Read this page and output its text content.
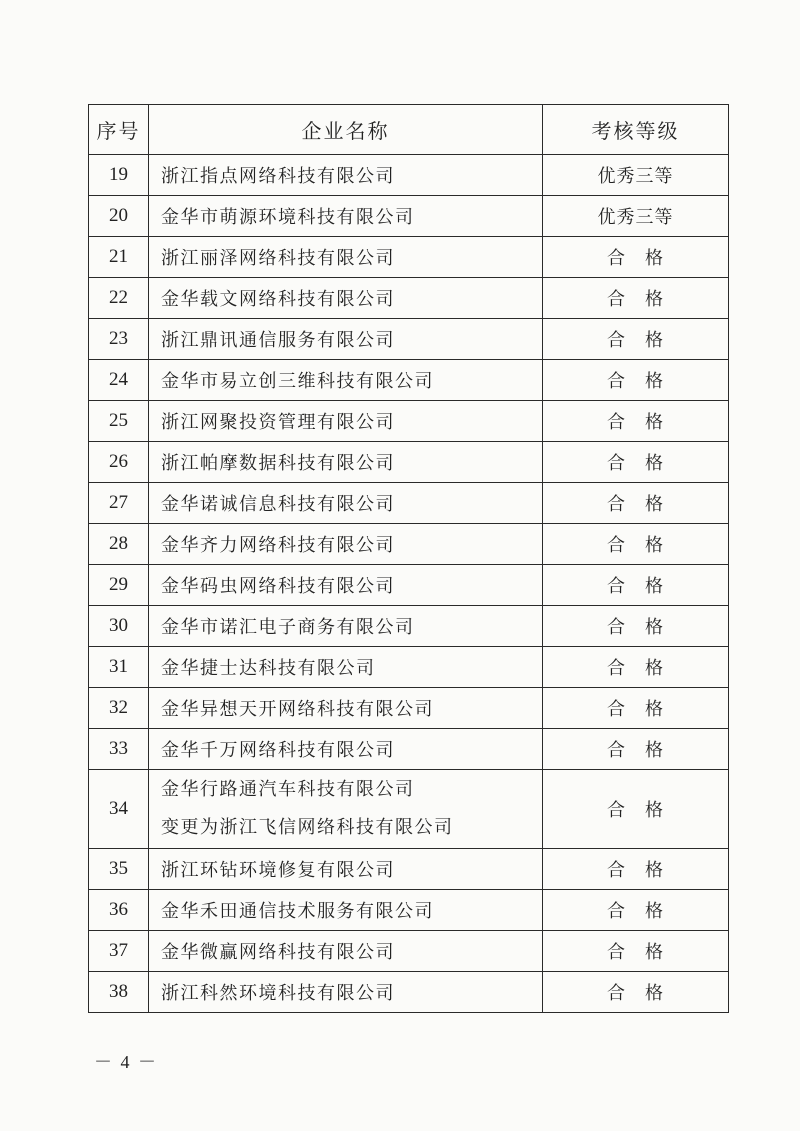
序号	企业名称	考核等级
19	浙江指点网络科技有限公司	优秀三等
20	金华市萌源环境科技有限公司	优秀三等
21	浙江丽泽网络科技有限公司	合　格
22	金华载文网络科技有限公司	合　格
23	浙江鼎讯通信服务有限公司	合　格
24	金华市易立创三维科技有限公司	合　格
25	浙江网聚投资管理有限公司	合　格
26	浙江帕摩数据科技有限公司	合　格
27	金华诺诚信息科技有限公司	合　格
28	金华齐力网络科技有限公司	合　格
29	金华码虫网络科技有限公司	合　格
30	金华市诺汇电子商务有限公司	合　格
31	金华捷士达科技有限公司	合　格
32	金华异想天开网络科技有限公司	合　格
33	金华千万网络科技有限公司	合　格
34	金华行路通汽车科技有限公司
变更为浙江飞信网络科技有限公司	合　格
35	浙江环钻环境修复有限公司	合　格
36	金华禾田通信技术服务有限公司	合　格
37	金华微赢网络科技有限公司	合　格
38	浙江科然环境科技有限公司	合　格
－ 4 －
